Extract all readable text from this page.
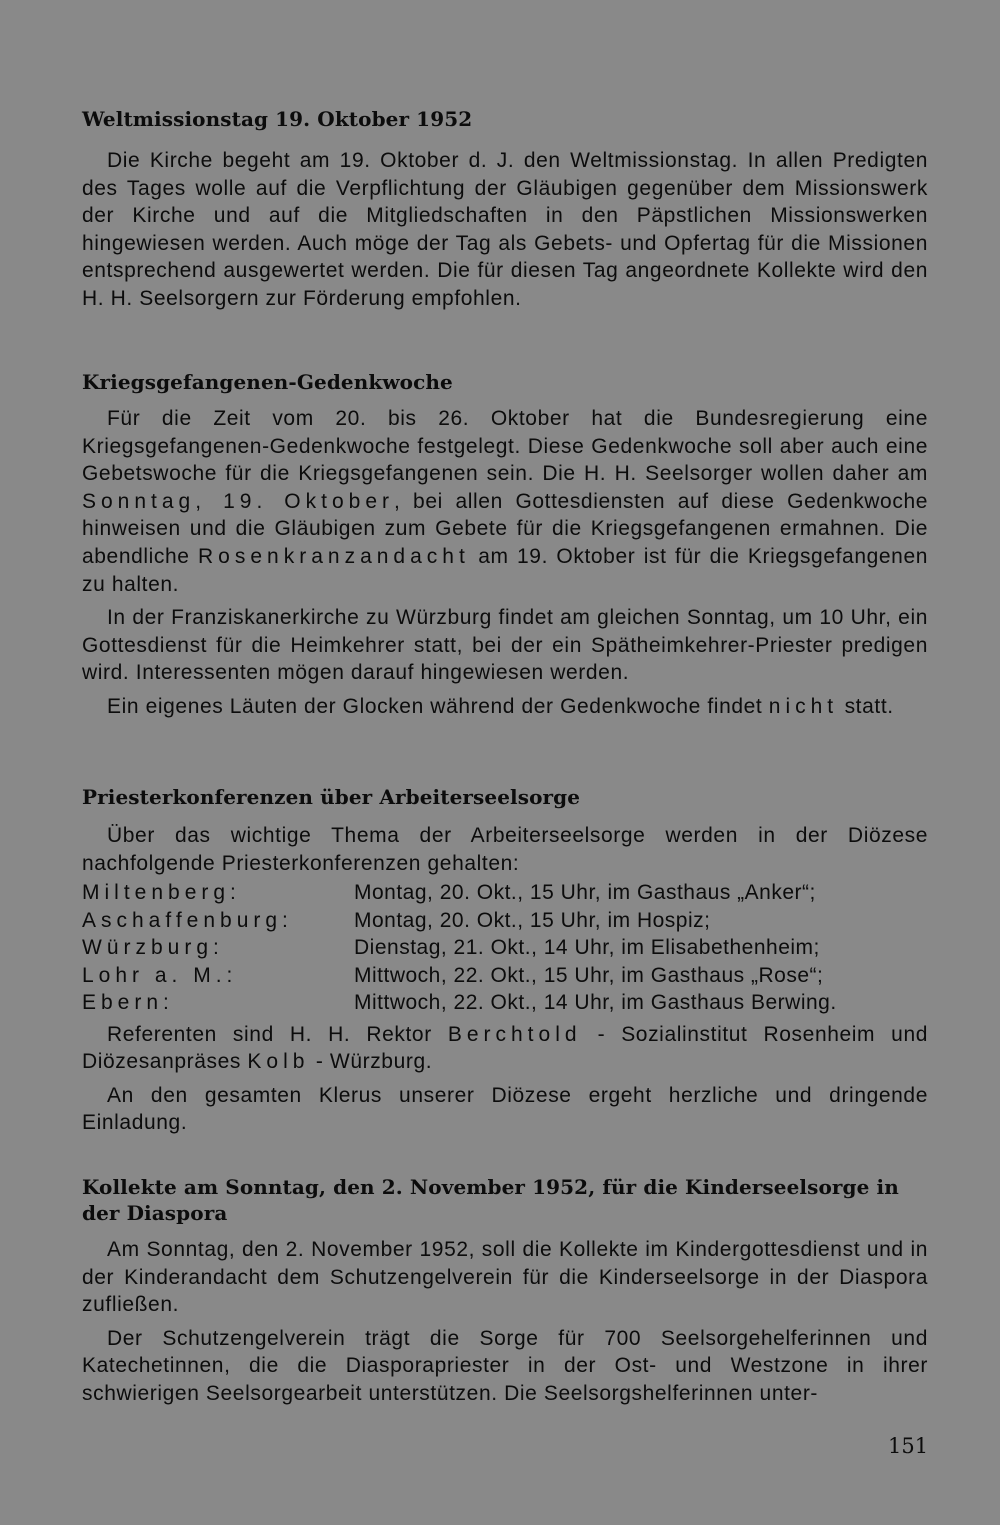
Weltmissionstag 19. Oktober 1952

Die Kirche begeht am 19. Oktober d. J. den Weltmissionstag. In allen Predigten des Tages wolle auf die Verpflichtung der Gläubigen gegenüber dem Missionswerk der Kirche und auf die Mitgliedschaften in den Päpstlichen Missionswerken hingewiesen werden. Auch möge der Tag als Gebets- und Opfertag für die Missionen entsprechend ausgewertet werden. Die für diesen Tag angeordnete Kollekte wird den H. H. Seelsorgern zur Förderung empfohlen.

Kriegsgefangenen-Gedenkwoche

Für die Zeit vom 20. bis 26. Oktober hat die Bundesregierung eine Kriegsgefangenen-Gedenkwoche festgelegt. Diese Gedenkwoche soll aber auch eine Gebetswoche für die Kriegsgefangenen sein. Die H. H. Seelsorger wollen daher am Sonntag, 19. Oktober, bei allen Gottesdiensten auf diese Gedenkwoche hinweisen und die Gläubigen zum Gebete für die Kriegsgefangenen ermahnen. Die abendliche Rosenkranzandacht am 19. Oktober ist für die Kriegsgefangenen zu halten.

In der Franziskanerkirche zu Würzburg findet am gleichen Sonntag, um 10 Uhr, ein Gottesdienst für die Heimkehrer statt, bei der ein Spätheimkehrer-Priester predigen wird. Interessenten mögen darauf hingewiesen werden.

Ein eigenes Läuten der Glocken während der Gedenkwoche findet nicht statt.

Priesterkonferenzen über Arbeiterseelsorge

Über das wichtige Thema der Arbeiterseelsorge werden in der Diözese nachfolgende Priesterkonferenzen gehalten:

Miltenberg:	Montag, 20. Okt., 15 Uhr, im Gasthaus „Anker“;
Aschaffenburg:	Montag, 20. Okt., 15 Uhr, im Hospiz;
Würzburg:	Dienstag, 21. Okt., 14 Uhr, im Elisabethenheim;
Lohr a. M.:	Mittwoch, 22. Okt., 15 Uhr, im Gasthaus „Rose“;
Ebern:	Mittwoch, 22. Okt., 14 Uhr, im Gasthaus Berwing.

Referenten sind H. H. Rektor Berchtold - Sozialinstitut Rosenheim und Diözesanpräses Kolb - Würzburg.

An den gesamten Klerus unserer Diözese ergeht herzliche und dringende Einladung.

Kollekte am Sonntag, den 2. November 1952, für die Kinderseelsorge in der Diaspora

Am Sonntag, den 2. November 1952, soll die Kollekte im Kindergottesdienst und in der Kinderandacht dem Schutzengelverein für die Kinderseelsorge in der Diaspora zufließen.

Der Schutzengelverein trägt die Sorge für 700 Seelsorgehelferinnen und Katechetinnen, die die Diasporapriester in der Ost- und Westzone in ihrer schwierigen Seelsorgearbeit unterstützen. Die Seelsorgshelferinnen unter-

151
